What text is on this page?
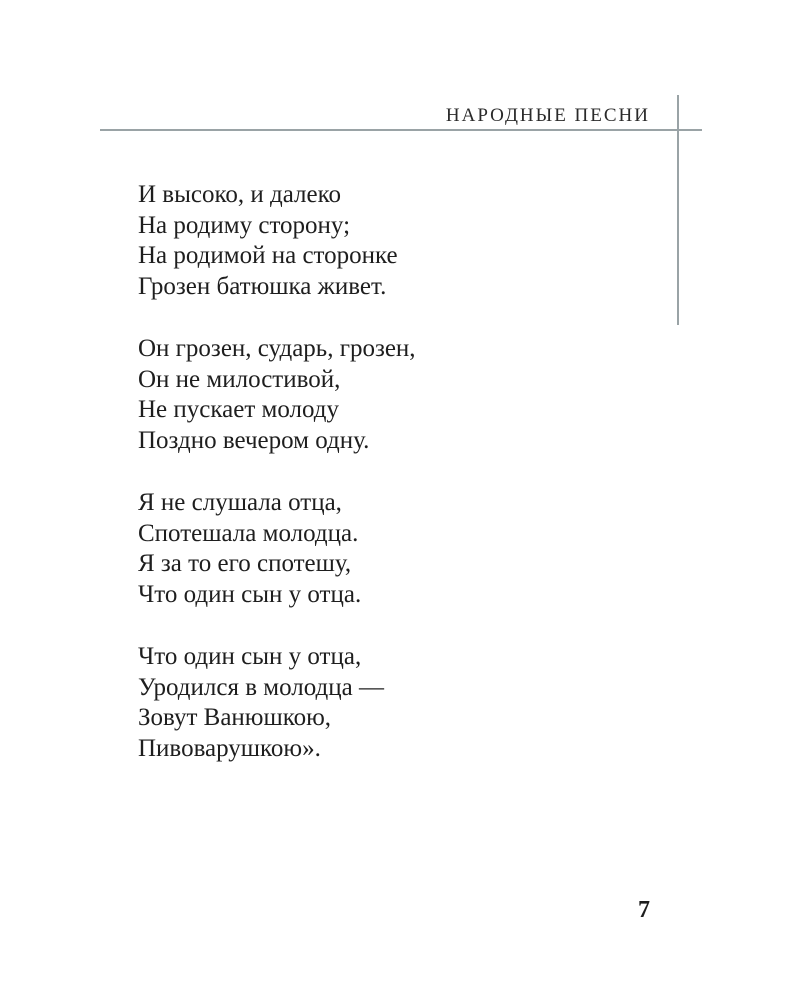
НАРОДНЫЕ ПЕСНИ
И высоко, и далеко
На родиму сторону;
На родимой на сторонке
Грозен батюшка живет.
Он грозен, сударь, грозен,
Он не милостивой,
Не пускает молоду
Поздно вечером одну.
Я не слушала отца,
Спотешала молодца.
Я за то его спотешу,
Что один сын у отца.
Что один сын у отца,
Уродился в молодца —
Зовут Ванюшкою,
Пивоварушкою».
7
